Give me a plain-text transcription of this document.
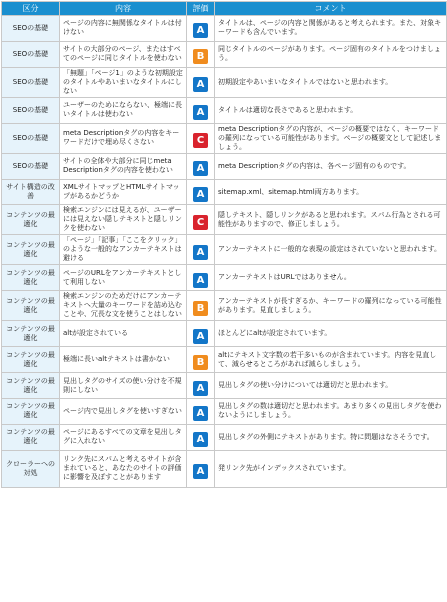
区分	内容	評価	コメント
SEOの基礎	ページの内容に無関係なタイトルは付けない	A	タイトルは、ページの内容と関係があると考えられます。また、対象キーワードも含んでいます。
SEOの基礎	サイトの大部分のページ、またはすべてのページに同じタイトルを使わない	B	同じタイトルのページがあります。ページ固有のタイトルをつけましょう。
SEOの基礎	「無題」「ページ1」のような初期設定のタイトルやあいまいなタイトルにしない	A	初期設定やあいまいなタイトルではないと思われます。
SEOの基礎	ユーザーのためにならない、極端に長いタイトルは使わない	A	タイトルは適切な長さであると思われます。
SEOの基礎	meta Descriptionタグの内容をキーワードだけで埋め尽くさない	C	meta Descriptionタグの内容が、ページの概要ではなく、キーワードの羅列になっている可能性があります。ページの概要文として記述しましょう。
SEOの基礎	サイトの全体や大部分に同じmeta Descriptionタグの内容を使わない	A	meta Descriptionタグの内容は、各ページ固有のものです。
サイト構造の改善	XMLサイトマップとHTMLサイトマップがあるかどうか	A	sitemap.xml、sitemap.html両方あります。
コンテンツの最適化	検索エンジンには見えるが、ユーザーには見えない隠しテキストと隠しリンクを使わない	C	隠しテキスト、隠しリンクがあると思われます。スパム行為とされる可能性がありますので、修正しましょう。
コンテンツの最適化	「ページ」「記事」「ここをクリック」のような一般的なアンカーテキストは避ける	A	アンカーテキストに一般的な表現の設定はされていないと思われます。
コンテンツの最適化	ページのURLをアンカーテキストとして利用しない	A	アンカーテキストはURLではありません。
コンテンツの最適化	検索エンジンのためだけにアンカーテキストへ大量のキーワードを詰め込むことや、冗長な文を使うことはしない	B	アンカーテキストが長すぎるか、キーワードの羅列になっている可能性があります。見直しましょう。
コンテンツの最適化	altが設定されている	A	ほとんどにaltが設定されています。
コンテンツの最適化	極端に長いaltテキストは書かない	B	altにテキスト文字数の若干多いものが含まれています。内容を見直して、減らせるところがあれば減らしましょう。
コンテンツの最適化	見出しタグのサイズの使い分けを不規則にしない	A	見出しタグの使い分けについては適切だと思われます。
コンテンツの最適化	ページ内で見出しタグを使いすぎない	A	見出しタグの数は適切だと思われます。あまり多くの見出しタグを使わないようにしましょう。
コンテンツの最適化	ページにあるすべての文章を見出しタグに入れない	A	見出しタグの外側にテキストがあります。特に問題はなさそうです。
クローラーへの対処	リンク先にスパムと考えるサイトが含まれていると、あなたのサイトの評価に影響を及ぼすことがあります	A	発リンク先がインデックスされています。
